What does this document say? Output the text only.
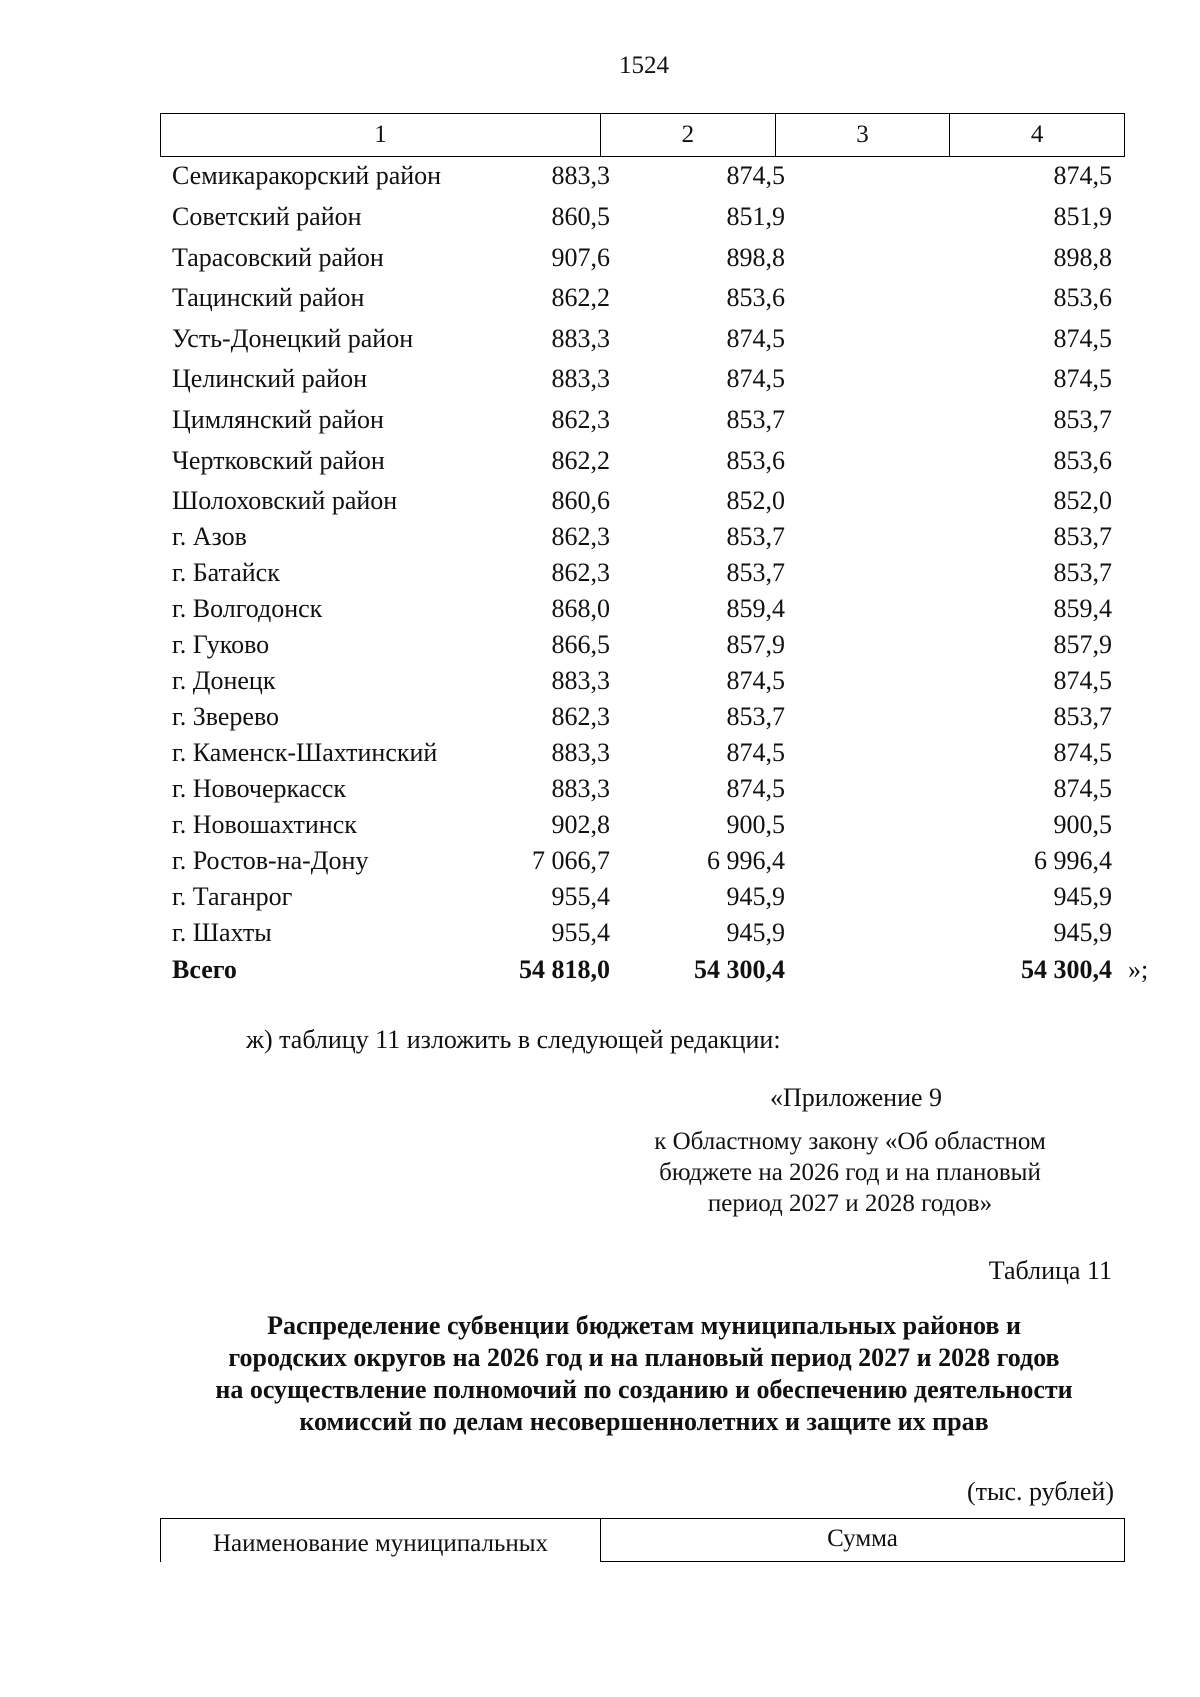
1524
1	2	3	4
Семикаракорский район	883,3	874,5	874,5
Советский район	860,5	851,9	851,9
Тарасовский район	907,6	898,8	898,8
Тацинский район	862,2	853,6	853,6
Усть-Донецкий район	883,3	874,5	874,5
Целинский район	883,3	874,5	874,5
Цимлянский район	862,3	853,7	853,7
Чертковский район	862,2	853,6	853,6
Шолоховский район	860,6	852,0	852,0
г. Азов	862,3	853,7	853,7
г. Батайск	862,3	853,7	853,7
г. Волгодонск	868,0	859,4	859,4
г. Гуково	866,5	857,9	857,9
г. Донецк	883,3	874,5	874,5
г. Зверево	862,3	853,7	853,7
г. Каменск-Шахтинский	883,3	874,5	874,5
г. Новочеркасск	883,3	874,5	874,5
г. Новошахтинск	902,8	900,5	900,5
г. Ростов-на-Дону	7 066,7	6 996,4	6 996,4
г. Таганрог	955,4	945,9	945,9
г. Шахты	955,4	945,9	945,9
Всего	54 818,0	54 300,4	54 300,4 »;
ж) таблицу 11 изложить в следующей редакции:
«Приложение 9
к Областному закону «Об областном
бюджете на 2026 год и на плановый
период 2027 и 2028 годов»
Таблица 11
Распределение субвенции бюджетам муниципальных районов и
городских округов на 2026 год и на плановый период 2027 и 2028 годов
на осуществление полномочий по созданию и обеспечению деятельности
комиссий по делам несовершеннолетних и защите их прав
(тыс. рублей)
Наименование муниципальных	Сумма
